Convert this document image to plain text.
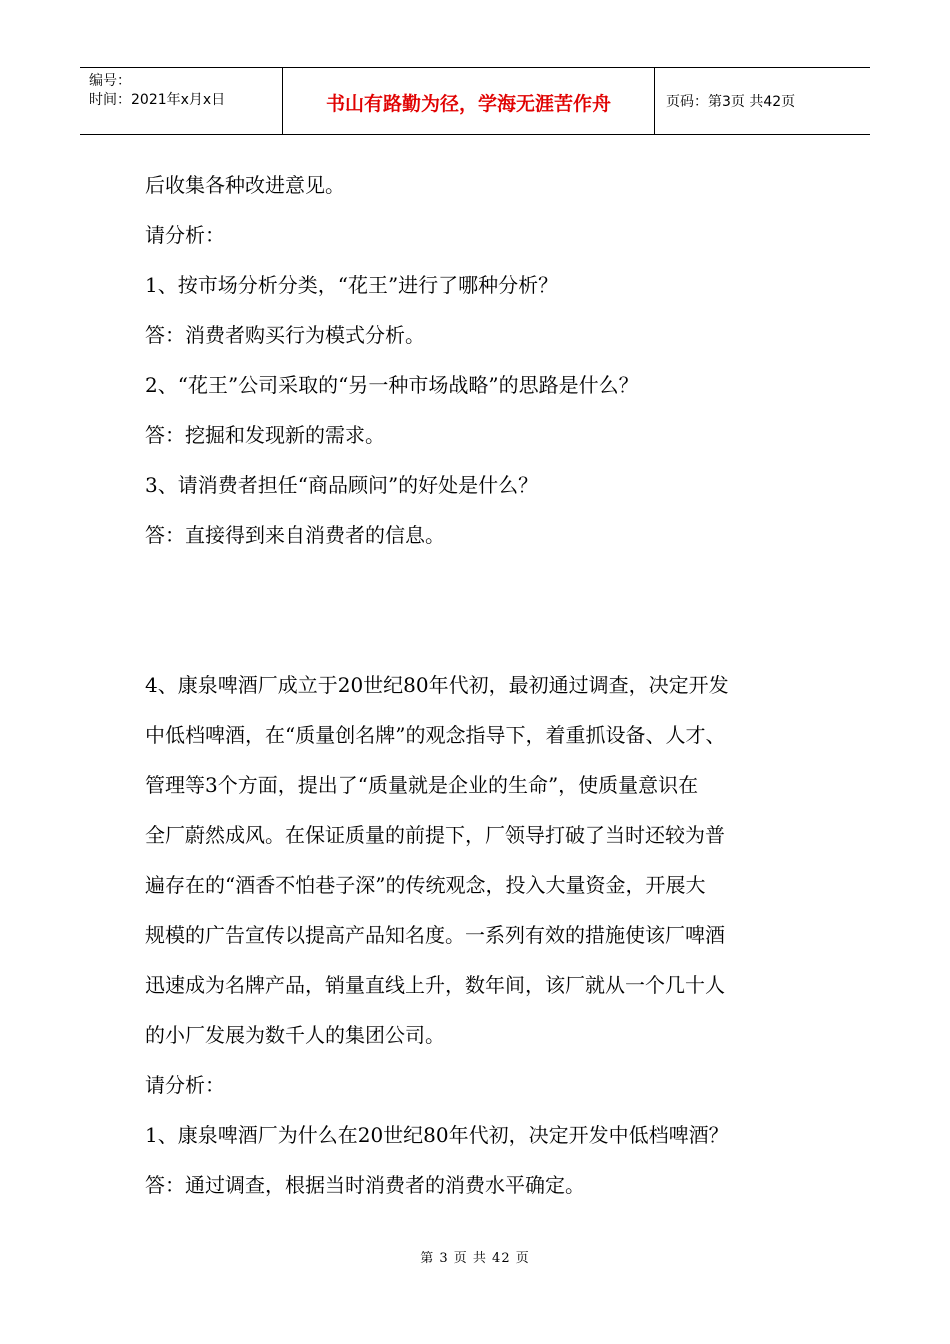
编号：
时间：2021年x月x日	书山有路勤为径，学海无涯苦作舟	页码：第3页 共42页
后收集各种改进意见。
请分析：
1、按市场分析分类，“花王”进行了哪种分析？
答：消费者购买行为模式分析。
2、“花王”公司采取的“另一种市场战略”的思路是什么？
答：挖掘和发现新的需求。
3、请消费者担任“商品顾问”的好处是什么？
答：直接得到来自消费者的信息。
4、康泉啤酒厂成立于20世纪80年代初，最初通过调查，决定开发
中低档啤酒，在“质量创名牌”的观念指导下，着重抓设备、人才、
管理等3个方面，提出了“质量就是企业的生命”，使质量意识在
全厂蔚然成风。在保证质量的前提下，厂领导打破了当时还较为普
遍存在的“酒香不怕巷子深”的传统观念，投入大量资金，开展大
规模的广告宣传以提高产品知名度。一系列有效的措施使该厂啤酒
迅速成为名牌产品，销量直线上升，数年间，该厂就从一个几十人
的小厂发展为数千人的集团公司。
请分析：
1、康泉啤酒厂为什么在20世纪80年代初，决定开发中低档啤酒？
答：通过调查，根据当时消费者的消费水平确定。
第 3 页 共 42 页
